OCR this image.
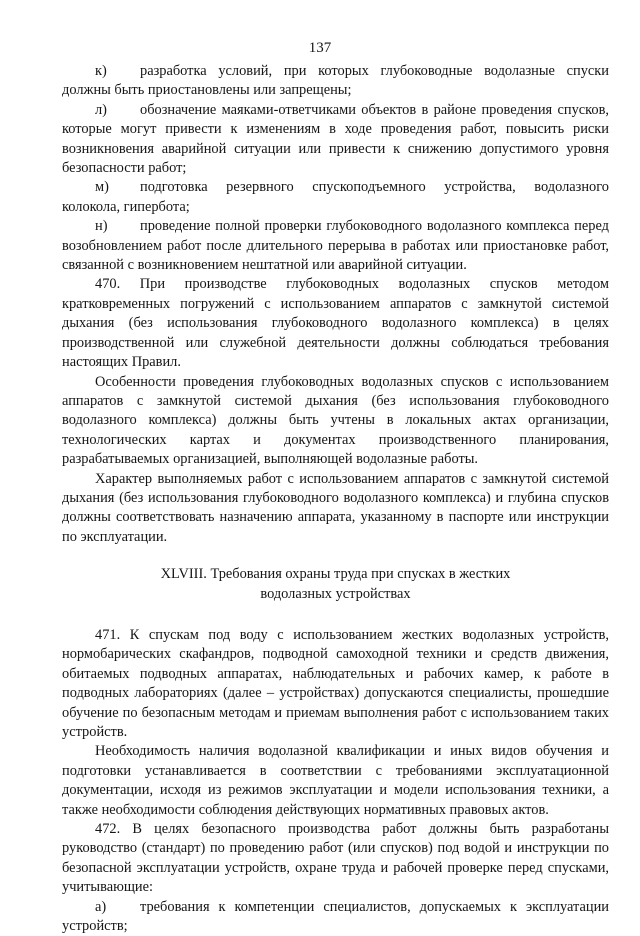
137

к) разработка условий, при которых глубоководные водолазные спуски должны быть приостановлены или запрещены;

л) обозначение маяками-ответчиками объектов в районе проведения спусков, которые могут привести к изменениям в ходе проведения работ, повысить риски возникновения аварийной ситуации или привести к снижению допустимого уровня безопасности работ;

м) подготовка резервного спускоподъемного устройства, водолазного колокола, гипербота;

н) проведение полной проверки глубоководного водолазного комплекса перед возобновлением работ после длительного перерыва в работах или приостановке работ, связанной с возникновением нештатной или аварийной ситуации.

470. При производстве глубоководных водолазных спусков методом кратковременных погружений с использованием аппаратов с замкнутой системой дыхания (без использования глубоководного водолазного комплекса) в целях производственной или служебной деятельности должны соблюдаться требования настоящих Правил.

Особенности проведения глубоководных водолазных спусков с использованием аппаратов с замкнутой системой дыхания (без использования глубоководного водолазного комплекса) должны быть учтены в локальных актах организации, технологических картах и документах производственного планирования, разрабатываемых организацией, выполняющей водолазные работы.

Характер выполняемых работ с использованием аппаратов с замкнутой системой дыхания (без использования глубоководного водолазного комплекса) и глубина спусков должны соответствовать назначению аппарата, указанному в паспорте или инструкции по эксплуатации.

XLVIII. Требования охраны труда при спусках в жестких
водолазных устройствах

471. К спускам под воду с использованием жестких водолазных устройств, нормобарических скафандров, подводной самоходной техники и средств движения, обитаемых подводных аппаратах, наблюдательных и рабочих камер, к работе в подводных лабораториях (далее – устройствах) допускаются специалисты, прошедшие обучение по безопасным методам и приемам выполнения работ с использованием таких устройств.

Необходимость наличия водолазной квалификации и иных видов обучения и подготовки устанавливается в соответствии с требованиями эксплуатационной документации, исходя из режимов эксплуатации и модели использования техники, а также необходимости соблюдения действующих нормативных правовых актов.

472. В целях безопасного производства работ должны быть разработаны руководство (стандарт) по проведению работ (или спусков) под водой и инструкции по безопасной эксплуатации устройств, охране труда и рабочей проверке перед спусками, учитывающие:

а) требования к компетенции специалистов, допускаемых к эксплуатации устройств;
